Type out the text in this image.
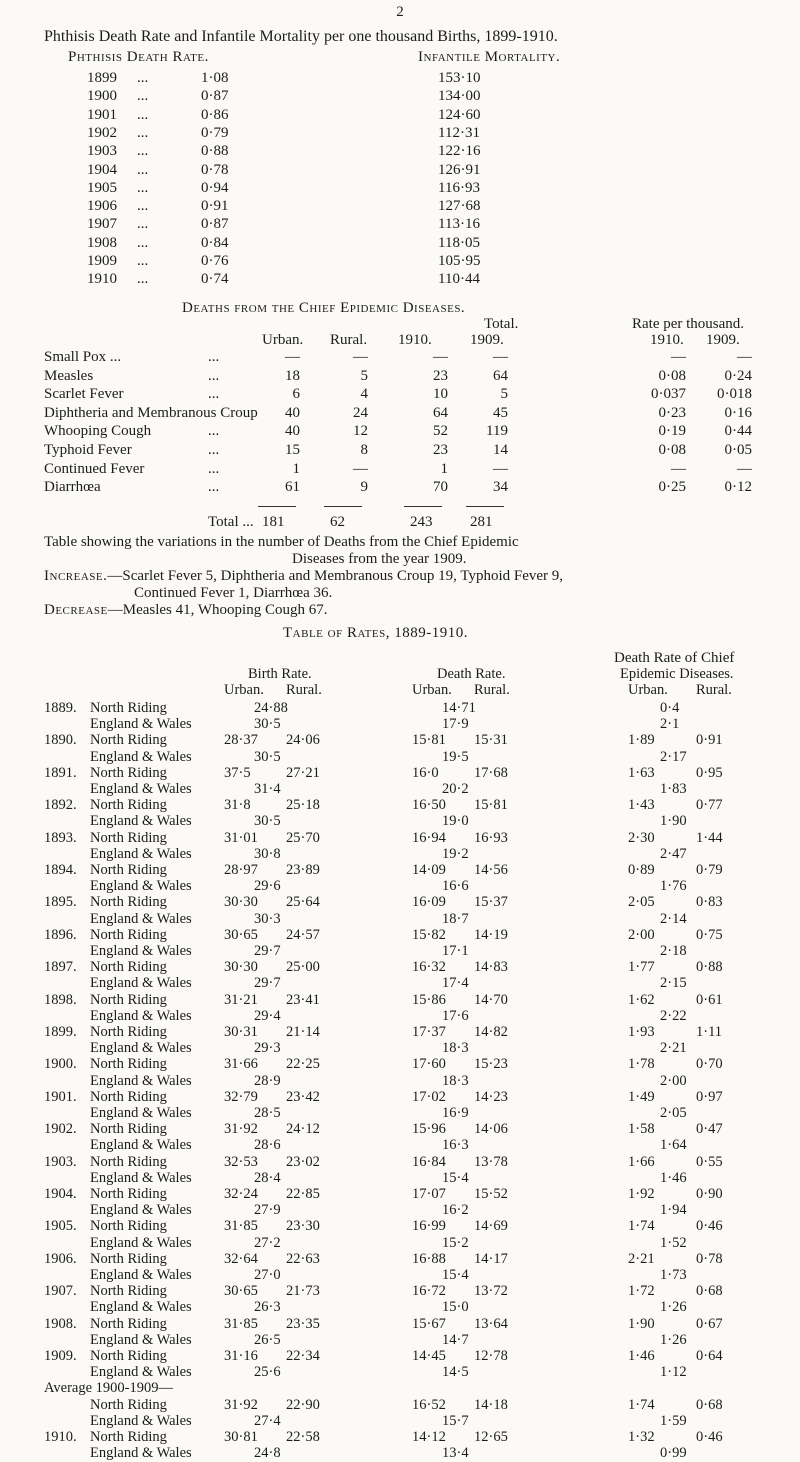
2
Phthisis Death Rate and Infantile Mortality per one thousand Births, 1899-1910.
Phthisis Death Rate.	Infantile Mortality.
1899 ...	1·08	153·10
1900 ...	0·87	134·00
1901 ...	0·86	124·60
1902 ...	0·79	112·31
1903 ...	0·88	122·16
1904 ...	0·78	126·91
1905 ...	0·94	116·93
1906 ...	0·91	127·68
1907 ...	0·87	113·16
1908 ...	0·84	118·05
1909 ...	0·76	105·95
1910 ...	0·74	110·44
Deaths from the Chief Epidemic Diseases.
Total.	Rate per thousand.
Urban. Rural. 1910.	1909.	1910. 1909.
Small Pox ...	...	—	—	—	—	—	—
Measles	...	18	5	23	64	0·08	0·24
Scarlet Fever	...	6	4	10	5	0·037	0·018
Diphtheria and Membranous Croup	40	24	64	45	0·23	0·16
Whooping Cough	...	40	12	52	119	0·19	0·44
Typhoid Fever	...	15	8	23	14	0·08	0·05
Continued Fever	...	1	—	1	—	—	—
Diarrhœa	...	61	9	70	34	0·25	0·12
Total ... 181	62	243	281
Table showing the variations in the number of Deaths from the Chief Epidemic
Diseases from the year 1909.
Increase.—Scarlet Fever 5, Diphtheria and Membranous Croup 19, Typhoid Fever 9,
Continued Fever 1, Diarrhœa 36.
Decrease—Measles 41, Whooping Cough 67.
Table of Rates, 1889-1910.
Death Rate of Chief
Birth Rate.	Death Rate.	Epidemic Diseases.
Urban. Rural.	Urban. Rural.	Urban. Rural.
1889. North Riding	24·88	14·71	0·4
England & Wales	30·5	17·9	2·1
1890. North Riding	28·37 24·06	15·81 15·31	1·89	0·91
England & Wales	30·5	19·5	2·17
1891. North Riding	37·5 27·21	16·0 17·68	1·63	0·95
England & Wales	31·4	20·2	1·83
1892. North Riding	31·8 25·18	16·50 15·81	1·43	0·77
England & Wales	30·5	19·0	1·90
1893. North Riding	31·01 25·70	16·94 16·93	2·30	1·44
England & Wales	30·8	19·2	2·47
1894. North Riding	28·97 23·89	14·09 14·56	0·89	0·79
England & Wales	29·6	16·6	1·76
1895. North Riding	30·30 25·64	16·09 15·37	2·05	0·83
England & Wales	30·3	18·7	2·14
1896. North Riding	30·65 24·57	15·82 14·19	2·00	0·75
England & Wales	29·7	17·1	2·18
1897. North Riding	30·30 25·00	16·32 14·83	1·77	0·88
England & Wales	29·7	17·4	2·15
1898. North Riding	31·21 23·41	15·86 14·70	1·62	0·61
England & Wales	29·4	17·6	2·22
1899. North Riding	30·31 21·14	17·37 14·82	1·93	1·11
England & Wales	29·3	18·3	2·21
1900. North Riding	31·66 22·25	17·60 15·23	1·78	0·70
England & Wales	28·9	18·3	2·00
1901. North Riding	32·79 23·42	17·02 14·23	1·49	0·97
England & Wales	28·5	16·9	2·05
1902. North Riding	31·92 24·12	15·96 14·06	1·58	0·47
England & Wales	28·6	16·3	1·64
1903. North Riding	32·53 23·02	16·84 13·78	1·66	0·55
England & Wales	28·4	15·4	1·46
1904. North Riding	32·24 22·85	17·07 15·52	1·92	0·90
England & Wales	27·9	16·2	1·94
1905. North Riding	31·85 23·30	16·99 14·69	1·74	0·46
England & Wales	27·2	15·2	1·52
1906. North Riding	32·64 22·63	16·88 14·17	2·21	0·78
England & Wales	27·0	15·4	1·73
1907. North Riding	30·65 21·73	16·72 13·72	1·72	0·68
England & Wales	26·3	15·0	1·26
1908. North Riding	31·85 23·35	15·67 13·64	1·90	0·67
England & Wales	26·5	14·7	1·26
1909. North Riding	31·16 22·34	14·45 12·78	1·46	0·64
England & Wales	25·6	14·5	1·12
Average 1900-1909—
North Riding	31·92 22·90	16·52 14·18	1·74	0·68
England & Wales	27·4	15·7	1·59
1910. North Riding	30·81 22·58	14·12 12·65	1·32	0·46
England & Wales	24·8	13·4	0·99
